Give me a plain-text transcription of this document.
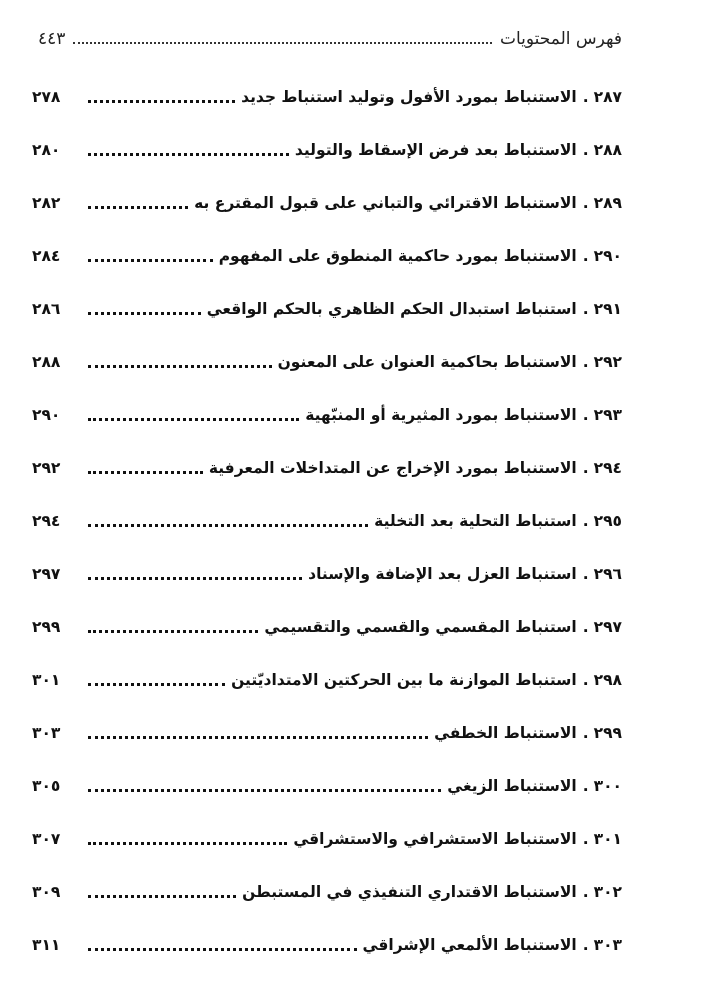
فهرس المحتويات
٤٤٣
٢٨٧
.
الاستنباط بمورد الأفول وتوليد استنباط جديد
٢٧٨
٢٨٨
.
الاستنباط بعد فرض الإسقاط والتوليد
٢٨٠
٢٨٩
.
الاستنباط الاقترائي والتباني على قبول المقترع به
٢٨٢
٢٩٠
.
الاستنباط بمورد حاكمية المنطوق على المفهوم
٢٨٤
٢٩١
.
استنباط استبدال الحكم الظاهري بالحكم الواقعي
٢٨٦
٢٩٢
.
الاستنباط بحاكمية العنوان على المعنون
٢٨٨
٢٩٣
.
الاستنباط بمورد المثيرية أو المنبّهية
٢٩٠
٢٩٤
.
الاستنباط بمورد الإخراج عن المتداخلات المعرفية
٢٩٢
٢٩٥
.
استنباط التحلية بعد التخلية
٢٩٤
٢٩٦
.
استنباط العزل بعد الإضافة والإسناد
٢٩٧
٢٩٧
.
استنباط المقسمي والقسمي والتقسيمي
٢٩٩
٢٩٨
.
استنباط الموازنة ما بين الحركتين الامتداديّتين
٣٠١
٢٩٩
.
الاستنباط الخطفي
٣٠٣
٣٠٠
.
الاستنباط الزيغي
٣٠٥
٣٠١
.
الاستنباط الاستشرافي والاستشراقي
٣٠٧
٣٠٢
.
الاستنباط الاقتداري التنفيذي في المستبطن
٣٠٩
٣٠٣
.
الاستنباط الألمعي الإشراقي
٣١١
